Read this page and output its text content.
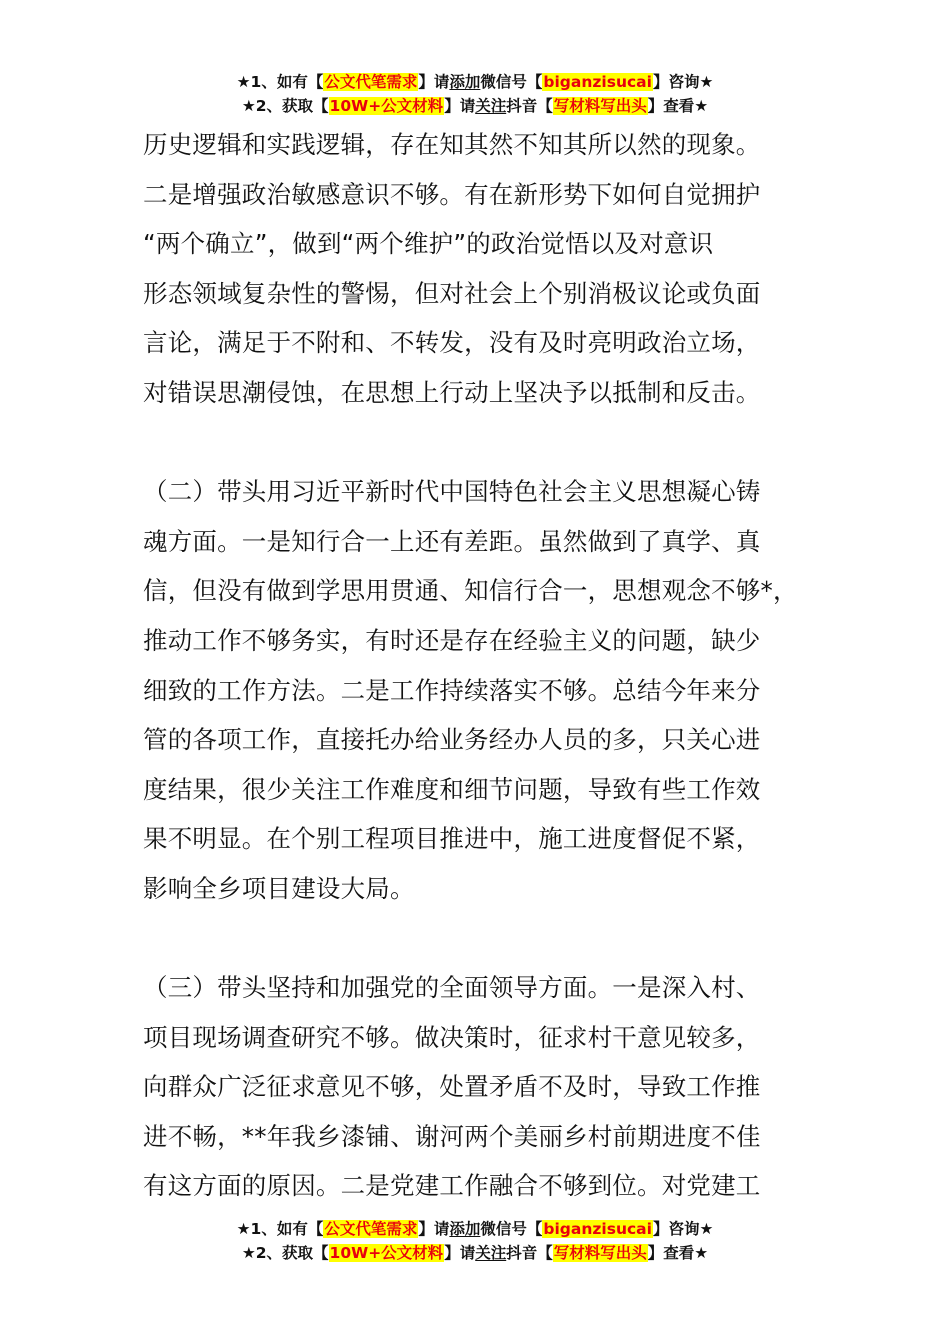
★1、如有【公文代笔需求】请添加微信号【biganzisucai】咨询★
★2、获取【10W+公文材料】请关注抖音【写材料写出头】查看★

历史逻辑和实践逻辑，存在知其然不知其所以然的现象。

二是增强政治敏感意识不够。有在新形势下如何自觉拥护

“两个确立”，做到“两个维护”的政治觉悟以及对意识

形态领域复杂性的警惕，但对社会上个别消极议论或负面

言论，满足于不附和、不转发，没有及时亮明政治立场，

对错误思潮侵蚀，在思想上行动上坚决予以抵制和反击。

（二）带头用习近平新时代中国特色社会主义思想凝心铸

魂方面。一是知行合一上还有差距。虽然做到了真学、真

信，但没有做到学思用贯通、知信行合一，思想观念不够*，

推动工作不够务实，有时还是存在经验主义的问题，缺少

细致的工作方法。二是工作持续落实不够。总结今年来分

管的各项工作，直接托办给业务经办人员的多，只关心进

度结果，很少关注工作难度和细节问题，导致有些工作效

果不明显。在个别工程项目推进中，施工进度督促不紧，

影响全乡项目建设大局。

（三）带头坚持和加强党的全面领导方面。一是深入村、

项目现场调查研究不够。做决策时，征求村干意见较多，

向群众广泛征求意见不够，处置矛盾不及时，导致工作推

进不畅，**年我乡漆铺、谢河两个美丽乡村前期进度不佳

有这方面的原因。二是党建工作融合不够到位。对党建工

★1、如有【公文代笔需求】请添加微信号【biganzisucai】咨询★
★2、获取【10W+公文材料】请关注抖音【写材料写出头】查看★
